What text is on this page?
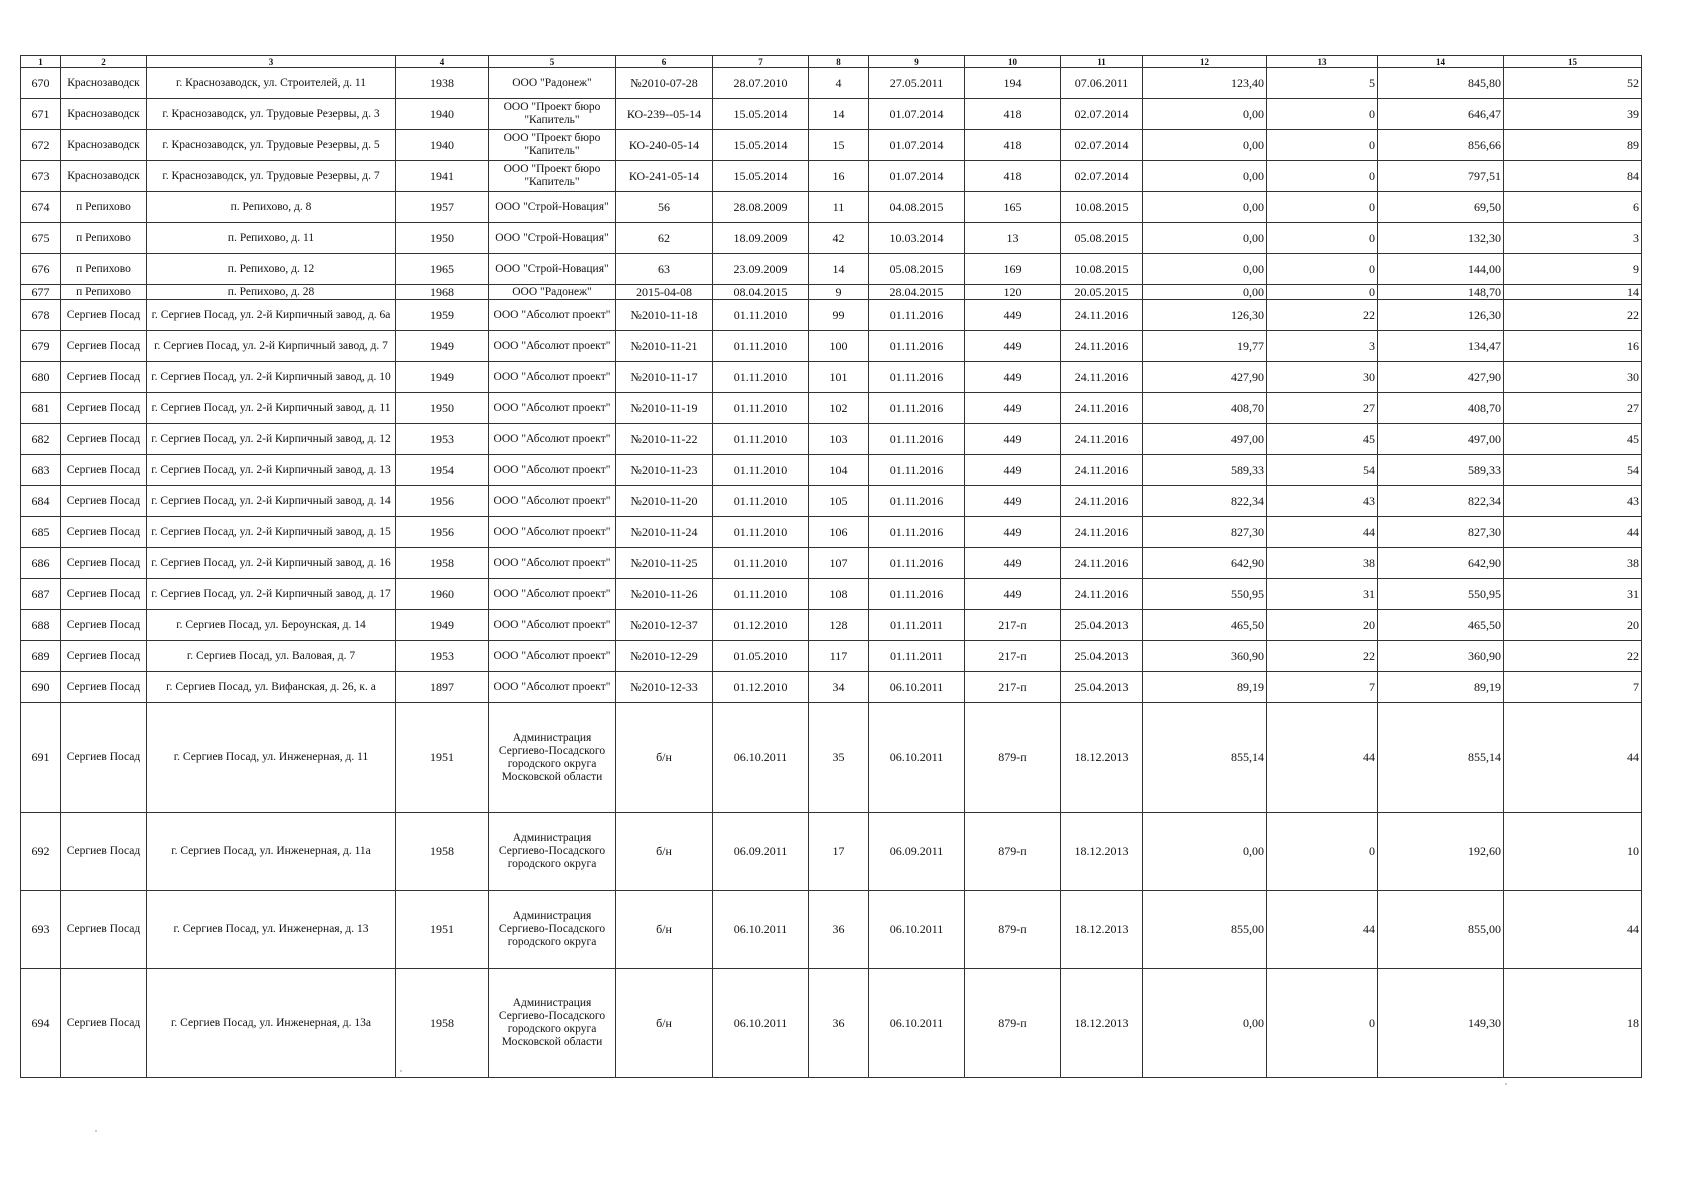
1	2	3	4	5	6	7	8	9	10	11	12	13	14	15
670	Краснозаводск	г. Краснозаводск, ул. Строителей, д. 11	1938	ООО "Радонеж"	№2010-07-28	28.07.2010	4	27.05.2011	194	07.06.2011	123,40	5	845,80	52
671	Краснозаводск	г. Краснозаводск, ул. Трудовые Резервы, д. 3	1940	ООО "Проект бюро "Капитель"	КО-239--05-14	15.05.2014	14	01.07.2014	418	02.07.2014	0,00	0	646,47	39
672	Краснозаводск	г. Краснозаводск, ул. Трудовые Резервы, д. 5	1940	ООО "Проект бюро "Капитель"	КО-240-05-14	15.05.2014	15	01.07.2014	418	02.07.2014	0,00	0	856,66	89
673	Краснозаводск	г. Краснозаводск, ул. Трудовые Резервы, д. 7	1941	ООО "Проект бюро "Капитель"	КО-241-05-14	15.05.2014	16	01.07.2014	418	02.07.2014	0,00	0	797,51	84
674	п Репихово	п. Репихово, д. 8	1957	ООО "Строй-Новация"	56	28.08.2009	11	04.08.2015	165	10.08.2015	0,00	0	69,50	6
675	п Репихово	п. Репихово, д. 11	1950	ООО "Строй-Новация"	62	18.09.2009	42	10.03.2014	13	05.08.2015	0,00	0	132,30	3
676	п Репихово	п. Репихово, д. 12	1965	ООО "Строй-Новация"	63	23.09.2009	14	05.08.2015	169	10.08.2015	0,00	0	144,00	9
677	п Репихово	п. Репихово, д. 28	1968	ООО "Радонеж"	2015-04-08	08.04.2015	9	28.04.2015	120	20.05.2015	0,00	0	148,70	14
678	Сергиев Посад	г. Сергиев Посад, ул. 2-й Кирпичный завод, д. 6а	1959	ООО "Абсолют проект"	№2010-11-18	01.11.2010	99	01.11.2016	449	24.11.2016	126,30	22	126,30	22
679	Сергиев Посад	г. Сергиев Посад, ул. 2-й Кирпичный завод, д. 7	1949	ООО "Абсолют проект"	№2010-11-21	01.11.2010	100	01.11.2016	449	24.11.2016	19,77	3	134,47	16
680	Сергиев Посад	г. Сергиев Посад, ул. 2-й Кирпичный завод, д. 10	1949	ООО "Абсолют проект"	№2010-11-17	01.11.2010	101	01.11.2016	449	24.11.2016	427,90	30	427,90	30
681	Сергиев Посад	г. Сергиев Посад, ул. 2-й Кирпичный завод, д. 11	1950	ООО "Абсолют проект"	№2010-11-19	01.11.2010	102	01.11.2016	449	24.11.2016	408,70	27	408,70	27
682	Сергиев Посад	г. Сергиев Посад, ул. 2-й Кирпичный завод, д. 12	1953	ООО "Абсолют проект"	№2010-11-22	01.11.2010	103	01.11.2016	449	24.11.2016	497,00	45	497,00	45
683	Сергиев Посад	г. Сергиев Посад, ул. 2-й Кирпичный завод, д. 13	1954	ООО "Абсолют проект"	№2010-11-23	01.11.2010	104	01.11.2016	449	24.11.2016	589,33	54	589,33	54
684	Сергиев Посад	г. Сергиев Посад, ул. 2-й Кирпичный завод, д. 14	1956	ООО "Абсолют проект"	№2010-11-20	01.11.2010	105	01.11.2016	449	24.11.2016	822,34	43	822,34	43
685	Сергиев Посад	г. Сергиев Посад, ул. 2-й Кирпичный завод, д. 15	1956	ООО "Абсолют проект"	№2010-11-24	01.11.2010	106	01.11.2016	449	24.11.2016	827,30	44	827,30	44
686	Сергиев Посад	г. Сергиев Посад, ул. 2-й Кирпичный завод, д. 16	1958	ООО "Абсолют проект"	№2010-11-25	01.11.2010	107	01.11.2016	449	24.11.2016	642,90	38	642,90	38
687	Сергиев Посад	г. Сергиев Посад, ул. 2-й Кирпичный завод, д. 17	1960	ООО "Абсолют проект"	№2010-11-26	01.11.2010	108	01.11.2016	449	24.11.2016	550,95	31	550,95	31
688	Сергиев Посад	г. Сергиев Посад, ул. Бероунская, д. 14	1949	ООО "Абсолют проект"	№2010-12-37	01.12.2010	128	01.11.2011	217-п	25.04.2013	465,50	20	465,50	20
689	Сергиев Посад	г. Сергиев Посад, ул. Валовая, д. 7	1953	ООО "Абсолют проект"	№2010-12-29	01.05.2010	117	01.11.2011	217-п	25.04.2013	360,90	22	360,90	22
690	Сергиев Посад	г. Сергиев Посад, ул. Вифанская, д. 26, к. а	1897	ООО "Абсолют проект"	№2010-12-33	01.12.2010	34	06.10.2011	217-п	25.04.2013	89,19	7	89,19	7
691	Сергиев Посад	г. Сергиев Посад, ул. Инженерная, д. 11	1951	Администрация Сергиево-Посадского городского округа Московской области	б/н	06.10.2011	35	06.10.2011	879-п	18.12.2013	855,14	44	855,14	44
692	Сергиев Посад	г. Сергиев Посад, ул. Инженерная, д. 11а	1958	Администрация Сергиево-Посадского городского округа	б/н	06.09.2011	17	06.09.2011	879-п	18.12.2013	0,00	0	192,60	10
693	Сергиев Посад	г. Сергиев Посад, ул. Инженерная, д. 13	1951	Администрация Сергиево-Посадского городского округа	б/н	06.10.2011	36	06.10.2011	879-п	18.12.2013	855,00	44	855,00	44
694	Сергиев Посад	г. Сергиев Посад, ул. Инженерная, д. 13а	1958	Администрация Сергиево-Посадского городского округа Московской области	б/н	06.10.2011	36	06.10.2011	879-п	18.12.2013	0,00	0	149,30	18
